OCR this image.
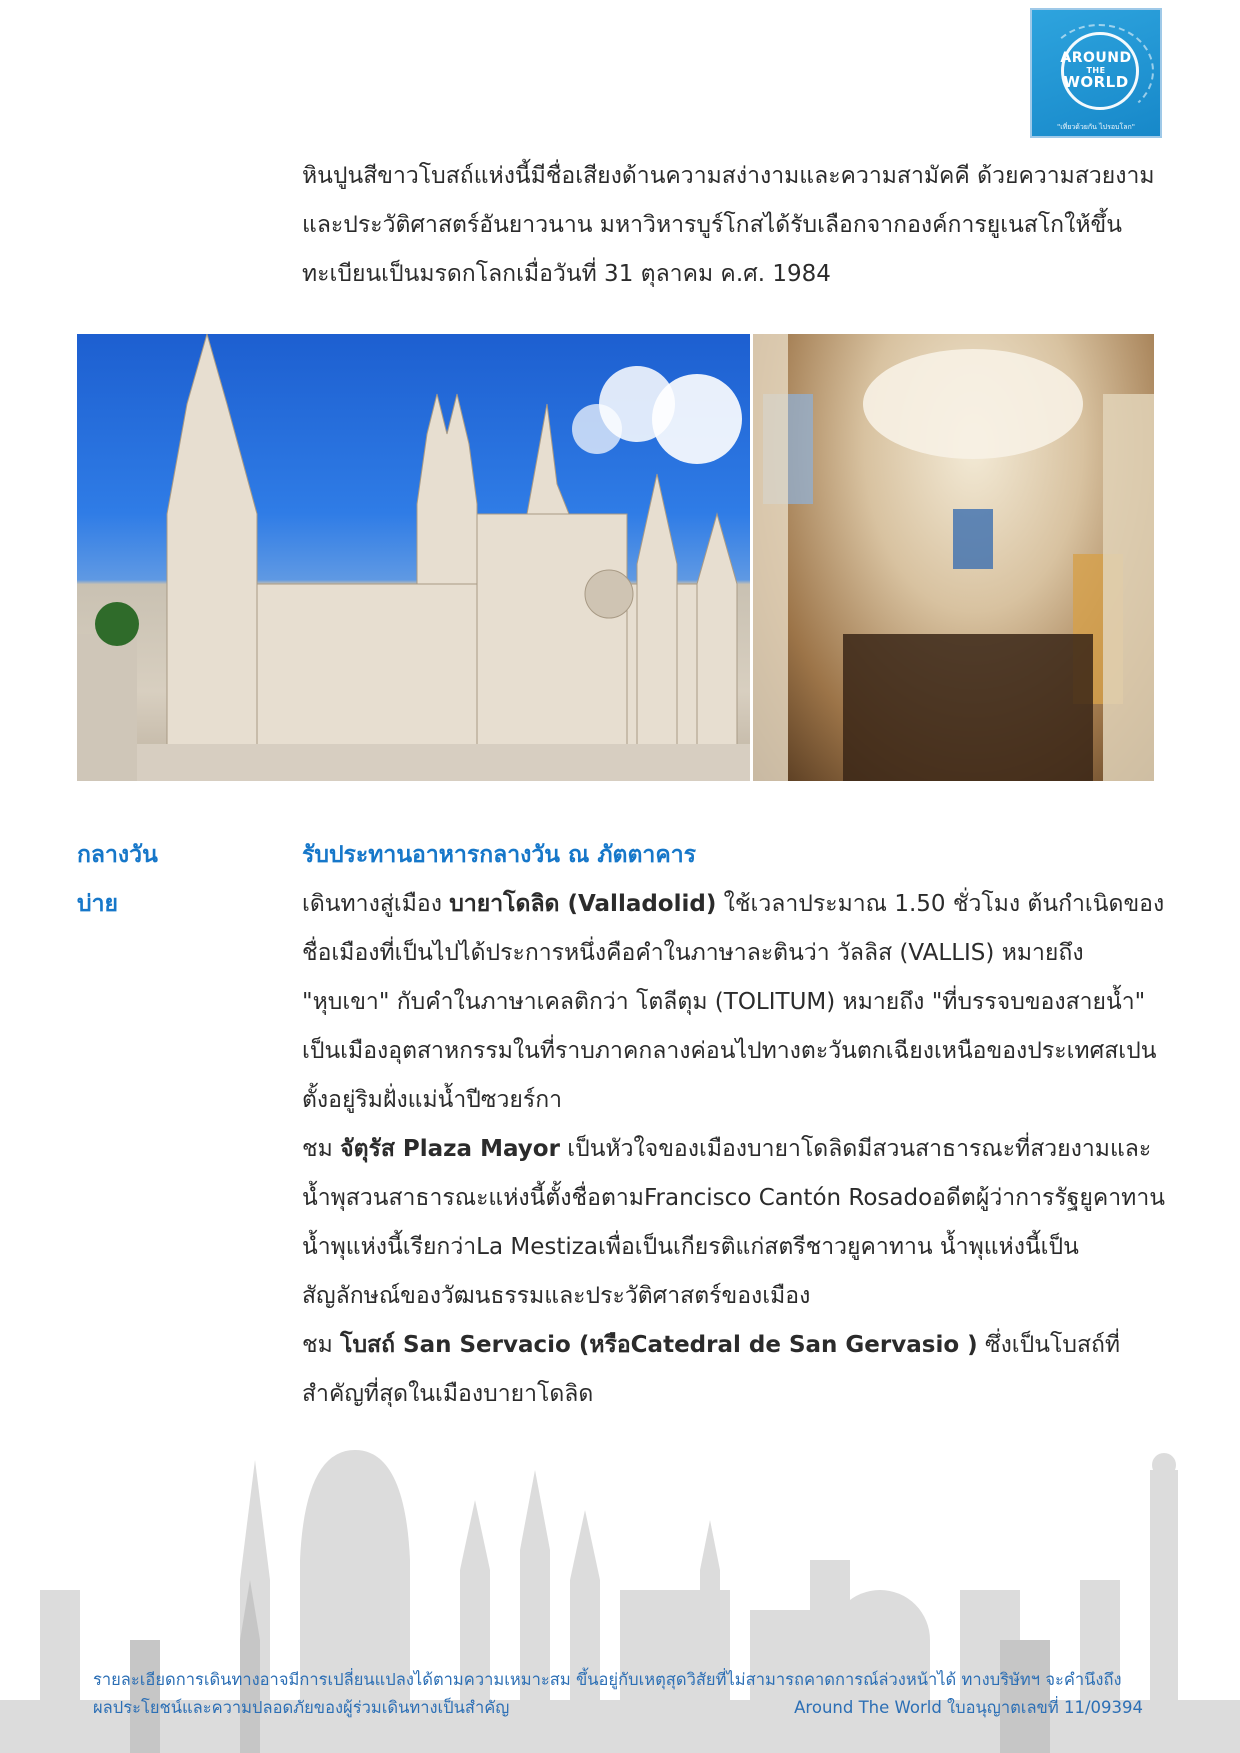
AROUND
THE
WORLD
"เที่ยวด้วยกัน ไปรอบโลก"

หินปูนสีขาวโบสถ์แห่งนี้มีชื่อเสียงด้านความสง่างามและความสามัคคี ด้วยความสวยงามและประวัติศาสตร์อันยาวนาน มหาวิหารบูร์โกสได้รับเลือกจากองค์การยูเนสโกให้ขึ้นทะเบียนเป็นมรดกโลกเมื่อวันที่ 31 ตุลาคม ค.ศ. 1984

กลางวัน	รับประทานอาหารกลางวัน ณ ภัตตาคาร
บ่าย	เดินทางสู่เมือง บายาโดลิด (Valladolid) ใช้เวลาประมาณ 1.50 ชั่วโมง ต้นกำเนิดของชื่อเมืองที่เป็นไปได้ประการหนึ่งคือคำในภาษาละตินว่า วัลลิส (VALLIS) หมายถึง "หุบเขา" กับคำในภาษาเคลติกว่า โตลีตุม (TOLITUM) หมายถึง "ที่บรรจบของสายน้ำ" เป็นเมืองอุตสาหกรรมในที่ราบภาคกลางค่อนไปทางตะวันตกเฉียงเหนือของประเทศสเปน ตั้งอยู่ริมฝั่งแม่น้ำปีซวยร์กา
ชม จัตุรัส Plaza Mayor เป็นหัวใจของเมืองบายาโดลิดมีสวนสาธารณะที่สวยงามและน้ำพุสวนสาธารณะแห่งนี้ตั้งชื่อตามFrancisco Cantón Rosadoอดีตผู้ว่าการรัฐยูคาทาน น้ำพุแห่งนี้เรียกว่าLa Mestizaเพื่อเป็นเกียรติแก่สตรีชาวยูคาทาน น้ำพุแห่งนี้เป็นสัญลักษณ์ของวัฒนธรรมและประวัติศาสตร์ของเมือง
ชม โบสถ์ San Servacio (หรือCatedral de San Gervasio ) ซึ่งเป็นโบสถ์ที่สำคัญที่สุดในเมืองบายาโดลิด
รายละเอียดการเดินทางอาจมีการเปลี่ยนแปลงได้ตามความเหมาะสม ขึ้นอยู่กับเหตุสุดวิสัยที่ไม่สามารถคาดการณ์ล่วงหน้าได้ ทางบริษัทฯ จะคำนึงถึง
ผลประโยชน์และความปลอดภัยของผู้ร่วมเดินทางเป็นสำคัญ	Around The World ใบอนุญาตเลขที่ 11/09394
